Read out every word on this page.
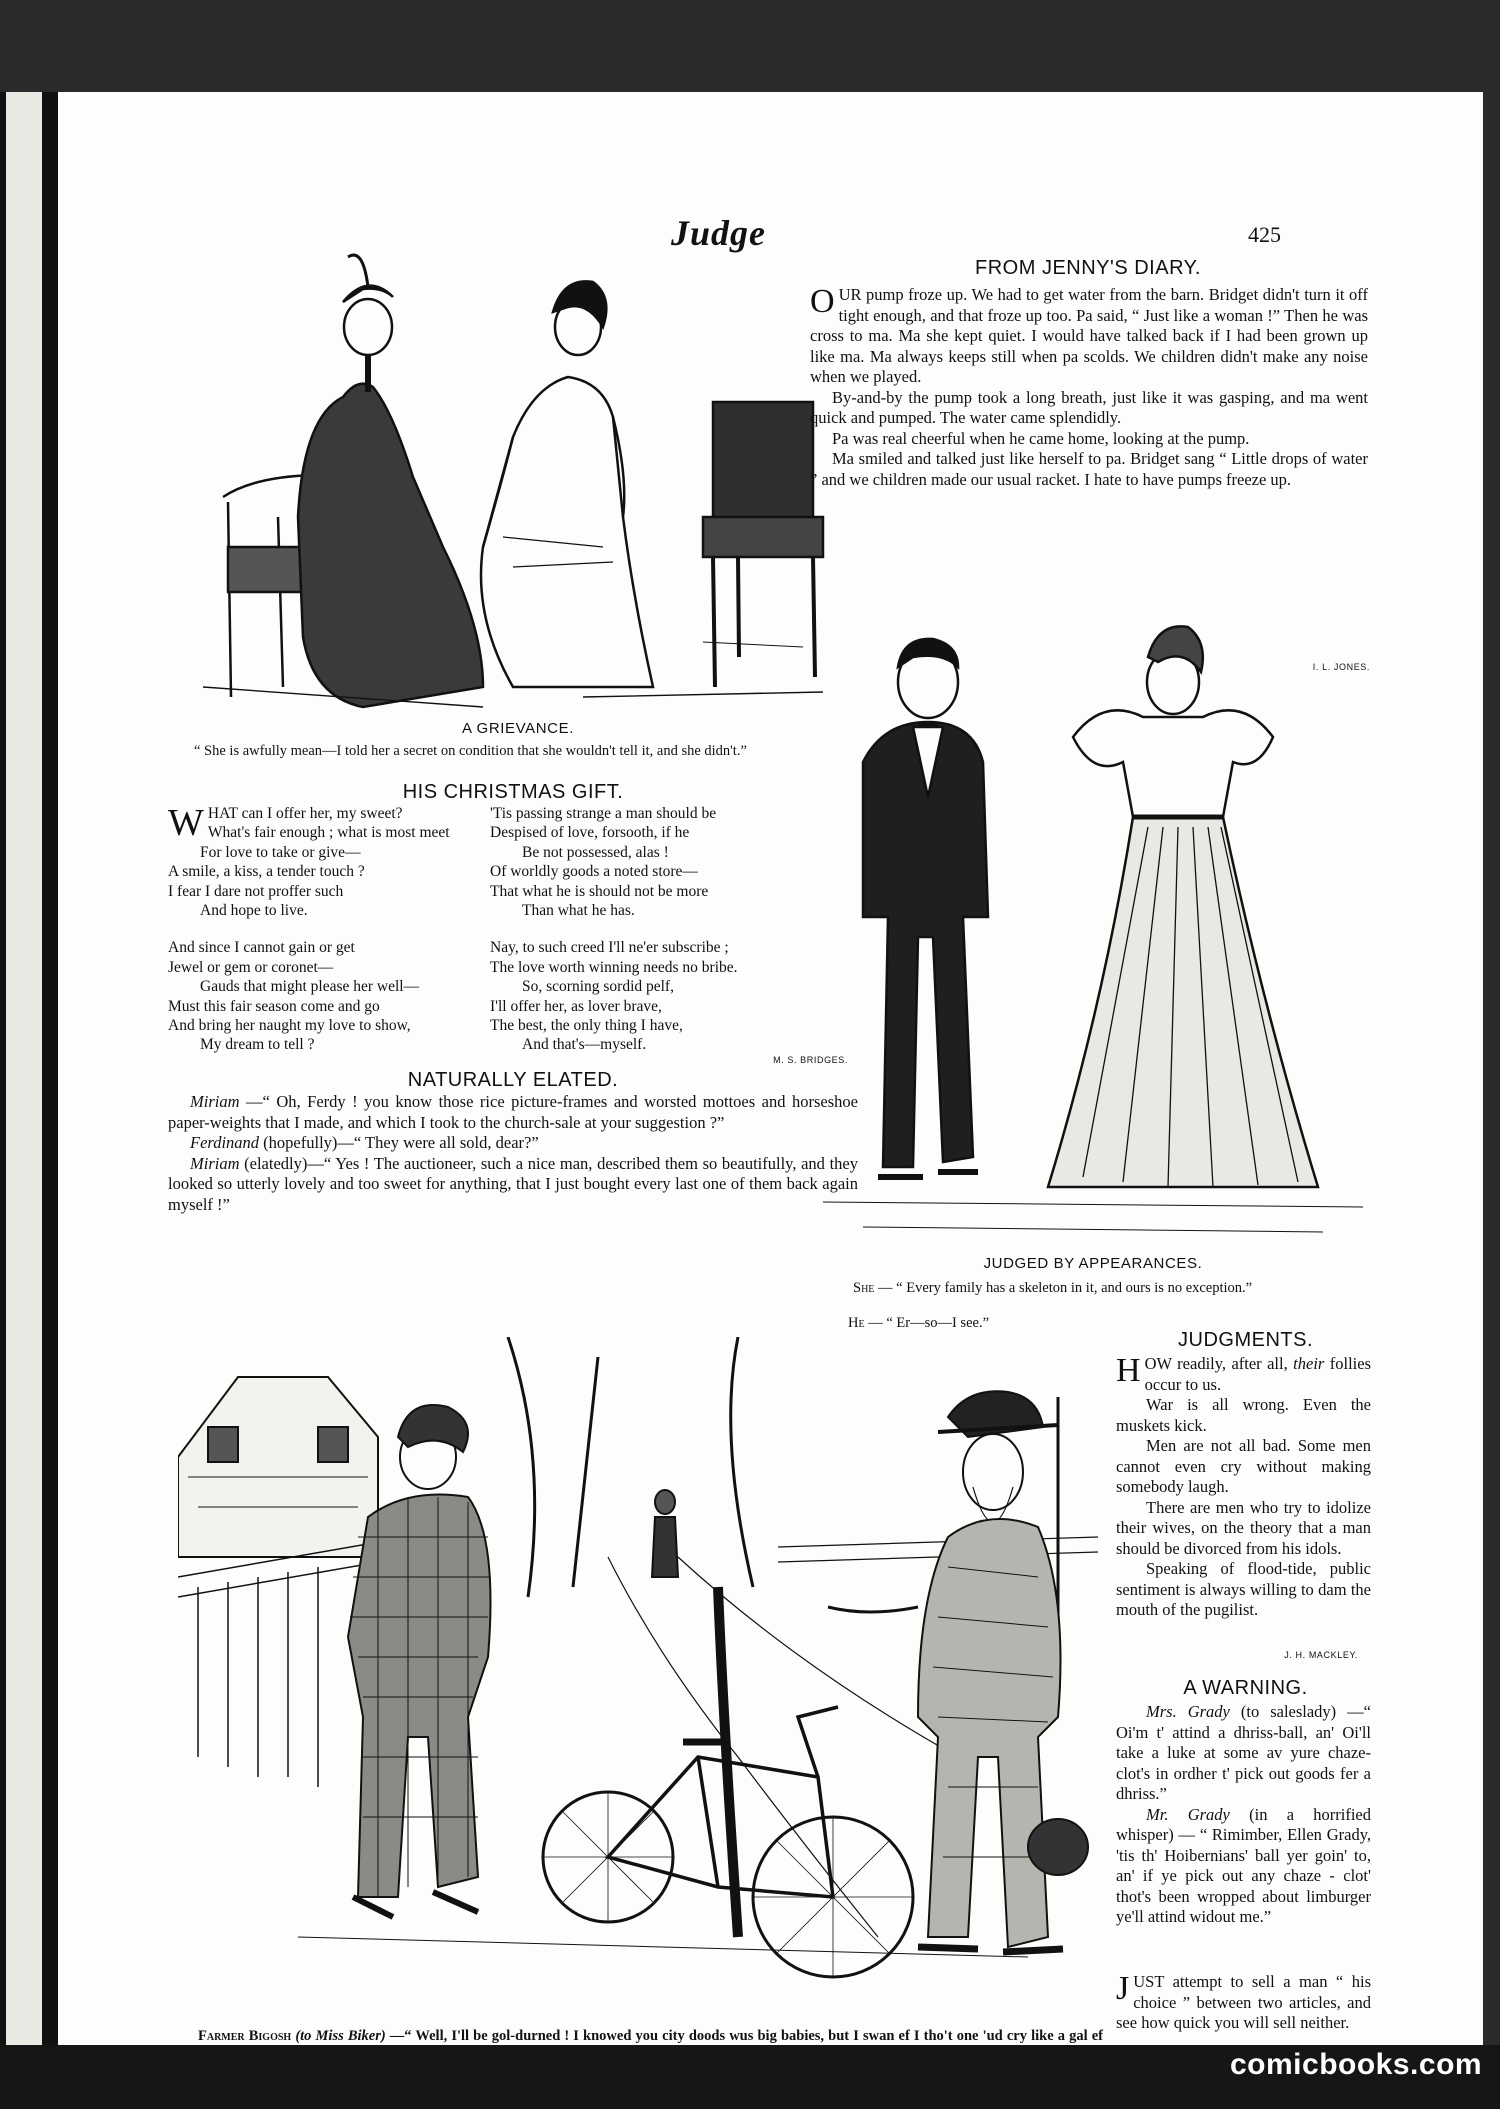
Judge	425
FROM JENNY'S DIARY.

OUR pump froze up. We had to get water from the barn. Bridget didn't turn it off tight enough, and that froze up too. Pa said, “ Just like a woman !” Then he was cross to ma. Ma she kept quiet. I would have talked back if I had been grown up like ma. Ma always keeps still when pa scolds. We children didn't make any noise when we played.

By-and-by the pump took a long breath, just like it was gasping, and ma went quick and pumped. The water came splendidly.

Pa was real cheerful when he came home, looking at the pump.

Ma smiled and talked just like herself to pa. Bridget sang “ Little drops of water ” and we children made our usual racket. I hate to have pumps freeze up.

I. L. JONES.
A GRIEVANCE.
“ She is awfully mean—I told her a secret on condition that she wouldn't tell it, and she didn't.”
HIS CHRISTMAS GIFT.
W HAT can I offer her, my sweet?
What's fair enough ; what is most meet
For love to take or give—
A smile, a kiss, a tender touch ?
I fear I dare not proffer such
And hope to live.
And since I cannot gain or get
Jewel or gem or coronet—
Gauds that might please her well—
Must this fair season come and go
And bring her naught my love to show,
My dream to tell ?
'Tis passing strange a man should be
Despised of love, forsooth, if he
Be not possessed, alas !
Of worldly goods a noted store—
That what he is should not be more
Than what he has.
Nay, to such creed I'll ne'er subscribe ;
The love worth winning needs no bribe.
So, scorning sordid pelf,
I'll offer her, as lover brave,
The best, the only thing I have,
And that's—myself.
M. S. BRIDGES.
NATURALLY ELATED.

Miriam —“ Oh, Ferdy ! you know those rice picture-frames and worsted mottoes and horseshoe paper-weights that I made, and which I took to the church-sale at your suggestion ?”

Ferdinand (hopefully)—“ They were all sold, dear?”

Miriam (elatedly)—“ Yes ! The auctioneer, such a nice man, described them so beautifully, and they looked so utterly lovely and too sweet for anything, that I just bought every last one of them back again myself !”

JUDGED BY APPEARANCES.
She — “ Every family has a skeleton in it, and ours is no exception.”
He — “ Er—so—I see.”
Farmer Bigosh (to Miss Biker) —“ Well, I'll be gol-durned ! I knowed you city doods wus big babies, but I swan ef I tho't one 'ud cry like a gal ef
JUDGMENTS.

HOW readily, after all, their follies occur to us.

War is all wrong. Even the muskets kick.

Men are not all bad. Some men cannot even cry without making somebody laugh.

There are men who try to idolize their wives, on the theory that a man should be divorced from his idols.

Speaking of flood-tide, public sentiment is always willing to dam the mouth of the pugilist.

J. H. MACKLEY.
A WARNING.

Mrs. Grady (to saleslady) —“ Oi'm t' attind a dhriss-ball, an' Oi'll take a luke at some av yure chaze-clot's in ordher t' pick out goods fer a dhriss.”

Mr. Grady (in a horrified whisper) — “ Rimimber, Ellen Grady, 'tis th' Hoibernians' ball yer goin' to, an' if ye pick out any chaze - clot' thot's been wropped about limburger ye'll attind widout me.”

JUST attempt to sell a man “ his choice ” between two articles, and see how quick you will sell neither.

comicbooks.com
